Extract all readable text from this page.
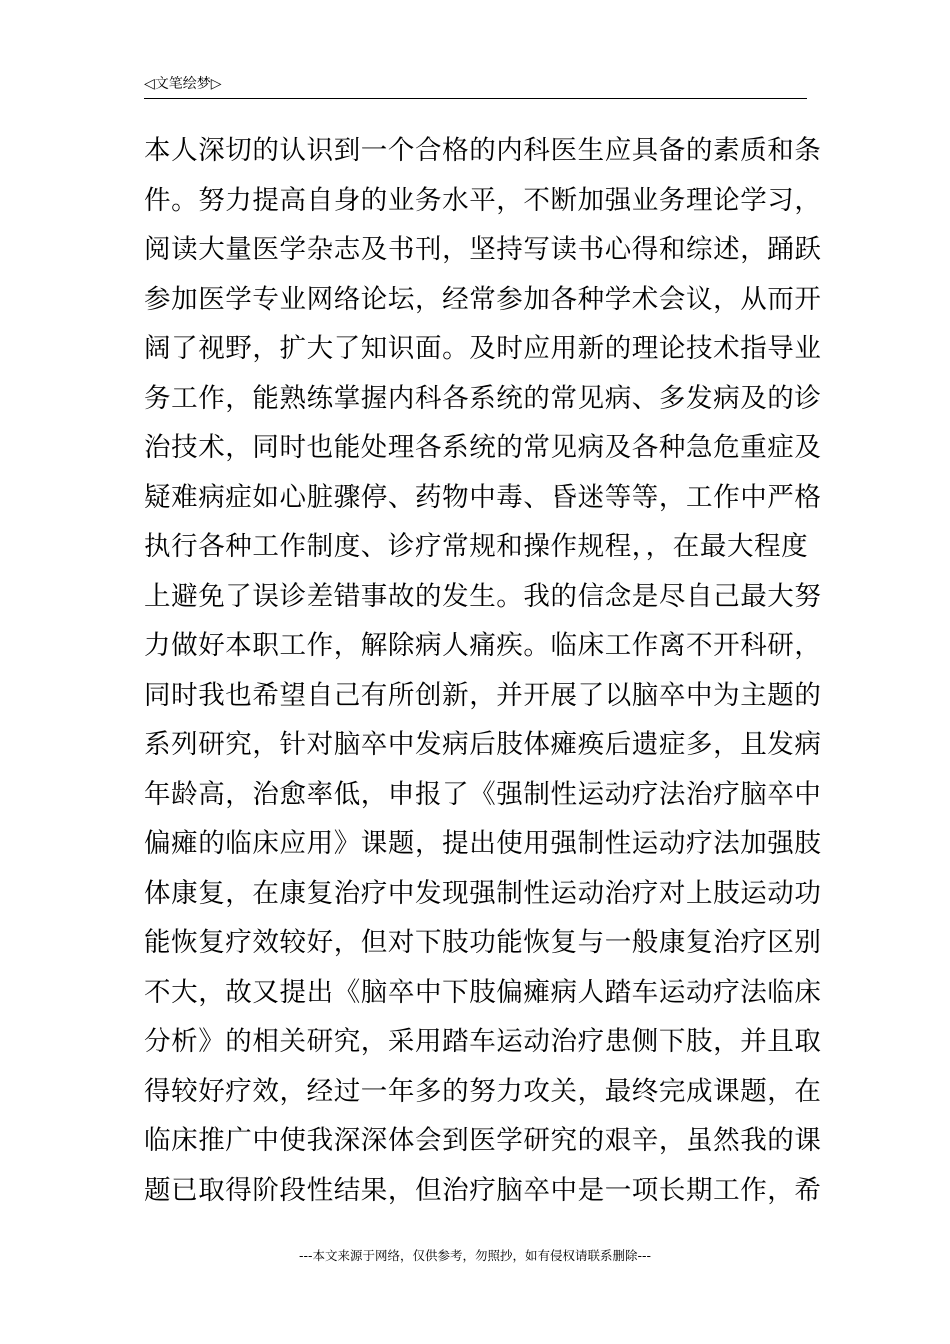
◁文笔绘梦▷
本人深切的认识到一个合格的内科医生应具备的素质和条
件。努力提高自身的业务水平，不断加强业务理论学习，
阅读大量医学杂志及书刊，坚持写读书心得和综述，踊跃
参加医学专业网络论坛，经常参加各种学术会议，从而开
阔了视野，扩大了知识面。及时应用新的理论技术指导业
务工作，能熟练掌握内科各系统的常见病、多发病及的诊
治技术，同时也能处理各系统的常见病及各种急危重症及
疑难病症如心脏骤停、药物中毒、昏迷等等，工作中严格
执行各种工作制度、诊疗常规和操作规程，，在最大程度
上避免了误诊差错事故的发生。我的信念是尽自己最大努
力做好本职工作，解除病人痛疾。临床工作离不开科研，
同时我也希望自己有所创新，并开展了以脑卒中为主题的
系列研究，针对脑卒中发病后肢体瘫痪后遗症多，且发病
年龄高，治愈率低，申报了《强制性运动疗法治疗脑卒中
偏瘫的临床应用》课题，提出使用强制性运动疗法加强肢
体康复，在康复治疗中发现强制性运动治疗对上肢运动功
能恢复疗效较好，但对下肢功能恢复与一般康复治疗区别
不大，故又提出《脑卒中下肢偏瘫病人踏车运动疗法临床
分析》的相关研究，采用踏车运动治疗患侧下肢，并且取
得较好疗效，经过一年多的努力攻关，最终完成课题，在
临床推广中使我深深体会到医学研究的艰辛，虽然我的课
题已取得阶段性结果，但治疗脑卒中是一项长期工作，希
---本文来源于网络，仅供参考，勿照抄，如有侵权请联系删除---
